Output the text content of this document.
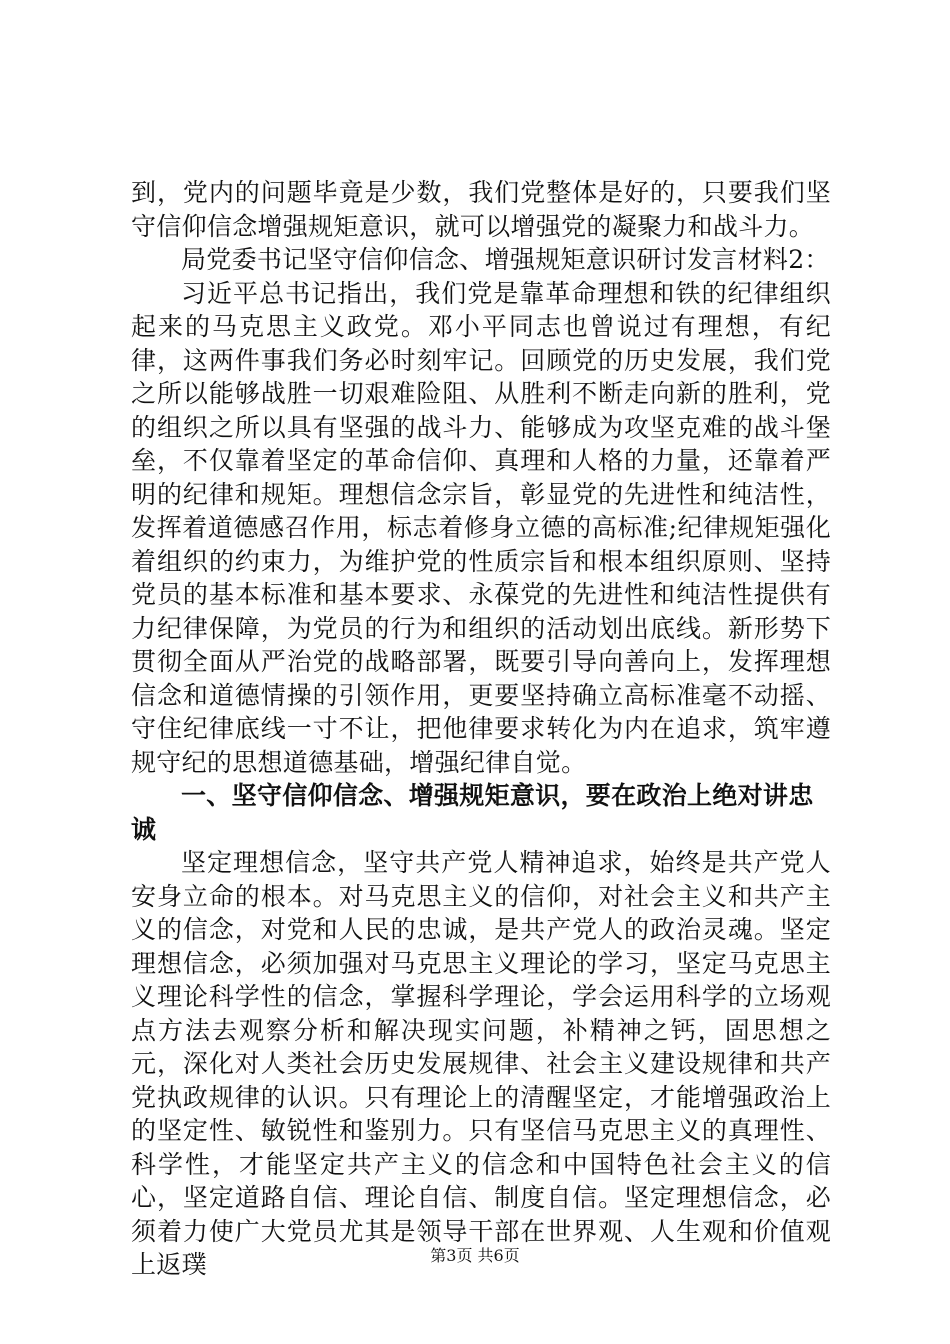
到，党内的问题毕竟是少数，我们党整体是好的，只要我们坚守信仰信念增强规矩意识，就可以增强党的凝聚力和战斗力。

局党委书记坚守信仰信念、增强规矩意识研讨发言材料2：

习近平总书记指出，我们党是靠革命理想和铁的纪律组织起来的马克思主义政党。邓小平同志也曾说过有理想，有纪律，这两件事我们务必时刻牢记。回顾党的历史发展，我们党之所以能够战胜一切艰难险阻、从胜利不断走向新的胜利，党的组织之所以具有坚强的战斗力、能够成为攻坚克难的战斗堡垒，不仅靠着坚定的革命信仰、真理和人格的力量，还靠着严明的纪律和规矩。理想信念宗旨，彰显党的先进性和纯洁性，发挥着道德感召作用，标志着修身立德的高标准;纪律规矩强化着组织的约束力，为维护党的性质宗旨和根本组织原则、坚持党员的基本标准和基本要求、永葆党的先进性和纯洁性提供有力纪律保障，为党员的行为和组织的活动划出底线。新形势下贯彻全面从严治党的战略部署，既要引导向善向上，发挥理想信念和道德情操的引领作用，更要坚持确立高标准毫不动摇、守住纪律底线一寸不让，把他律要求转化为内在追求，筑牢遵规守纪的思想道德基础，增强纪律自觉。

一、坚守信仰信念、增强规矩意识，要在政治上绝对讲忠诚

坚定理想信念，坚守共产党人精神追求，始终是共产党人安身立命的根本。对马克思主义的信仰，对社会主义和共产主义的信念，对党和人民的忠诚，是共产党人的政治灵魂。坚定理想信念，必须加强对马克思主义理论的学习，坚定马克思主义理论科学性的信念，掌握科学理论，学会运用科学的立场观点方法去观察分析和解决现实问题，补精神之钙，固思想之元，深化对人类社会历史发展规律、社会主义建设规律和共产党执政规律的认识。只有理论上的清醒坚定，才能增强政治上的坚定性、敏锐性和鉴别力。只有坚信马克思主义的真理性、科学性，才能坚定共产主义的信念和中国特色社会主义的信心，坚定道路自信、理论自信、制度自信。坚定理想信念，必须着力使广大党员尤其是领导干部在世界观、人生观和价值观上返璞	第3页 共6页
